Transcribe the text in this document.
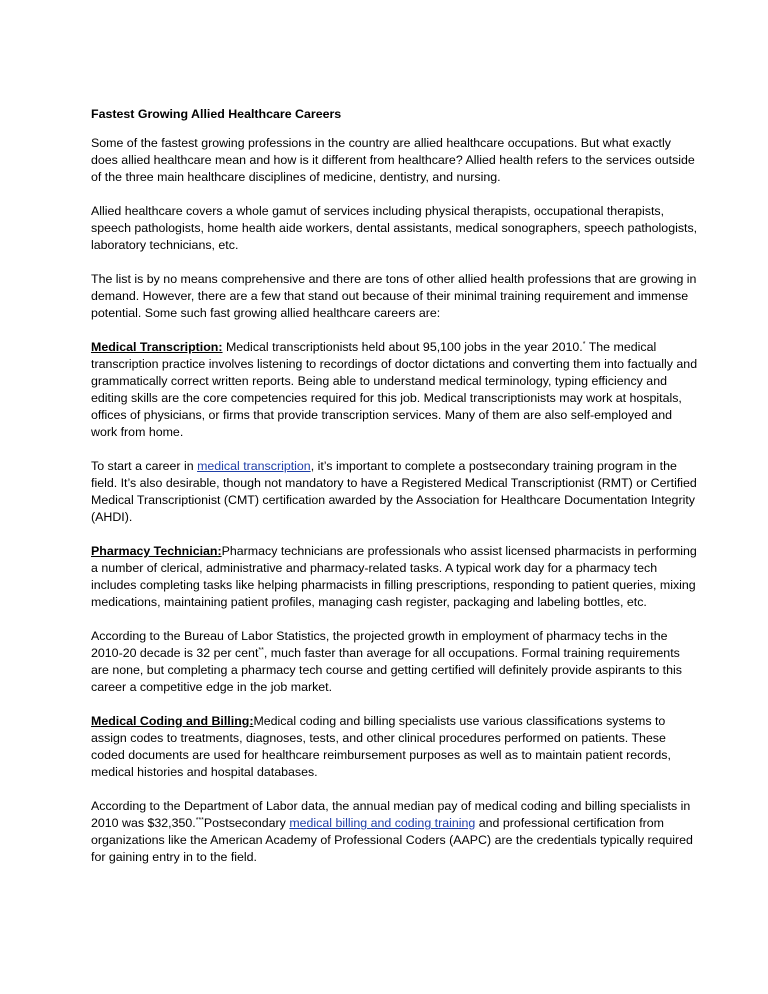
Fastest Growing Allied Healthcare Careers

Some of the fastest growing professions in the country are allied healthcare occupations. But what exactly does allied healthcare mean and how is it different from healthcare? Allied health refers to the services outside of the three main healthcare disciplines of medicine, dentistry, and nursing.

Allied healthcare covers a whole gamut of services including physical therapists, occupational therapists, speech pathologists, home health aide workers, dental assistants, medical sonographers, speech pathologists, laboratory technicians, etc.

The list is by no means comprehensive and there are tons of other allied health professions that are growing in demand. However, there are a few that stand out because of their minimal training requirement and immense potential. Some such fast growing allied healthcare careers are:

Medical Transcription: Medical transcriptionists held about 95,100 jobs in the year 2010.* The medical transcription practice involves listening to recordings of doctor dictations and converting them into factually and grammatically correct written reports. Being able to understand medical terminology, typing efficiency and editing skills are the core competencies required for this job. Medical transcriptionists may work at hospitals, offices of physicians, or firms that provide transcription services. Many of them are also self-employed and work from home.

To start a career in medical transcription, it’s important to complete a postsecondary training program in the field. It’s also desirable, though not mandatory to have a Registered Medical Transcriptionist (RMT) or Certified Medical Transcriptionist (CMT) certification awarded by the Association for Healthcare Documentation Integrity (AHDI).

Pharmacy Technician:Pharmacy technicians are professionals who assist licensed pharmacists in performing a number of clerical, administrative and pharmacy-related tasks. A typical work day for a pharmacy tech includes completing tasks like helping pharmacists in filling prescriptions, responding to patient queries, mixing medications, maintaining patient profiles, managing cash register, packaging and labeling bottles, etc.

According to the Bureau of Labor Statistics, the projected growth in employment of pharmacy techs in the 2010-20 decade is 32 per cent**, much faster than average for all occupations. Formal training requirements are none, but completing a pharmacy tech course and getting certified will definitely provide aspirants to this career a competitive edge in the job market.

Medical Coding and Billing:Medical coding and billing specialists use various classifications systems to assign codes to treatments, diagnoses, tests, and other clinical procedures performed on patients. These coded documents are used for healthcare reimbursement purposes as well as to maintain patient records, medical histories and hospital databases.

According to the Department of Labor data, the annual median pay of medical coding and billing specialists in 2010 was $32,350.***Postsecondary medical billing and coding training and professional certification from organizations like the American Academy of Professional Coders (AAPC) are the credentials typically required for gaining entry in to the field.
